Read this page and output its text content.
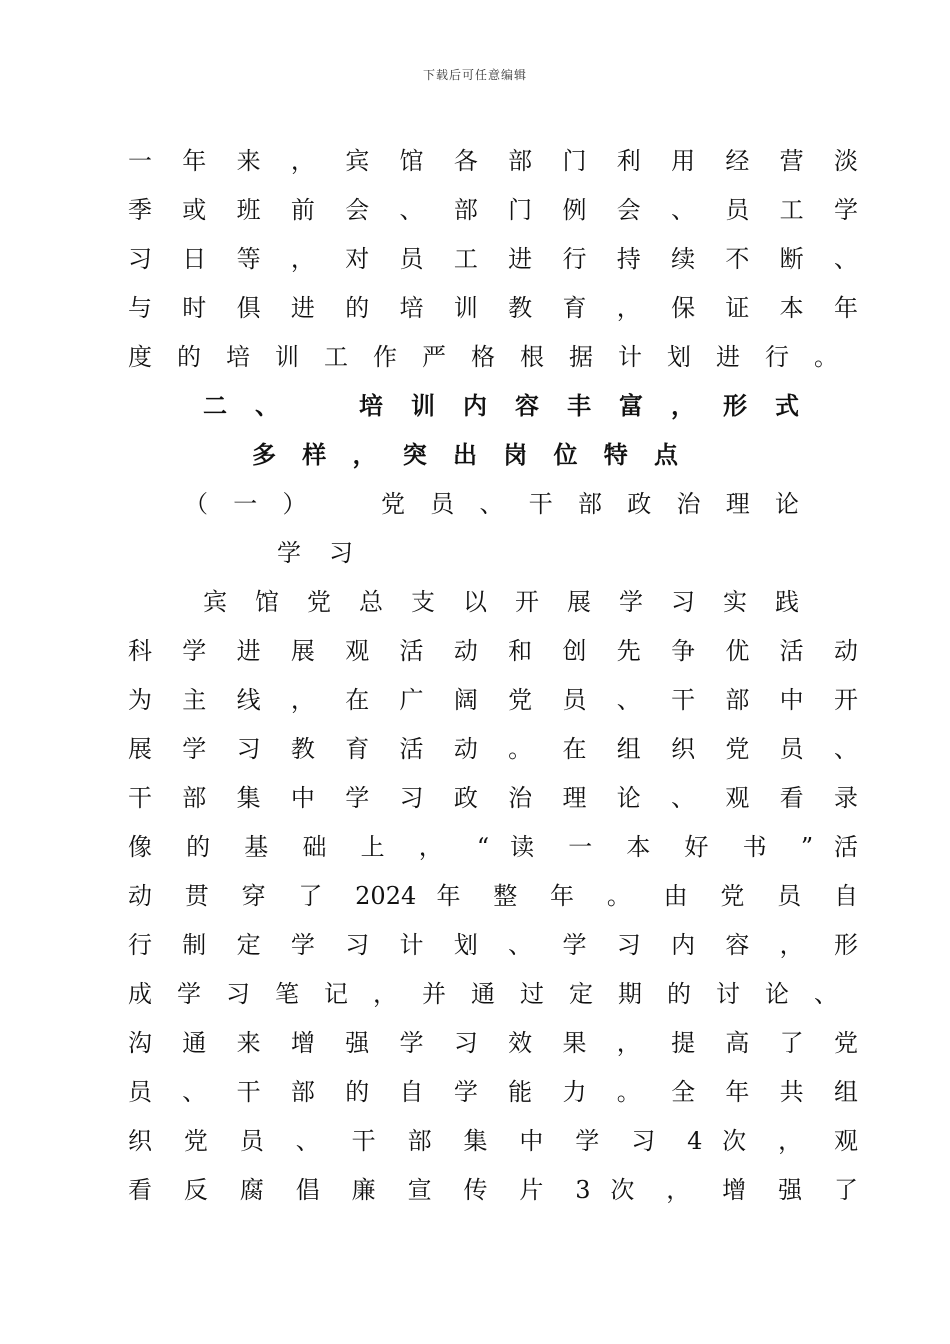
下载后可任意编辑
一 年 来 ， 宾 馆 各 部 门 利 用 经 营 淡
季 或 班 前 会 、 部 门 例 会 、 员 工 学
习 日 等 ， 对 员 工 进 行 持 续 不 断 、
与 时 俱 进 的 培 训 教 育 ， 保 证 本 年
度 的 培 训 工 作 严 格 根 据 计 划 进 行 。
二 、 　 培 训 内 容 丰 富 ， 形 式
多 样 ， 突 出 岗 位 特 点
（ 一 ） 　 党 员 、 干 部 政 治 理 论
学 习
宾 馆 党 总 支 以 开 展 学 习 实 践
科 学 进 展 观 活 动 和 创 先 争 优 活 动
为 主 线 ， 在 广 阔 党 员 、 干 部 中 开
展 学 习 教 育 活 动 。 在 组 织 党 员 、
干 部 集 中 学 习 政 治 理 论 、 观 看 录
像 的 基 础 上 ， “ 读 一 本 好 书 ” 活
动 贯 穿 了 2024 年 整 年 。 由 党 员 自
行 制 定 学 习 计 划 、 学 习 内 容 ， 形
成 学 习 笔 记 ， 并 通 过 定 期 的 讨 论 、
沟 通 来 增 强 学 习 效 果 ， 提 高 了 党
员 、 干 部 的 自 学 能 力 。 全 年 共 组
织 党 员 、 干 部 集 中 学 习 4 次 ， 观
看 反 腐 倡 廉 宣 传 片 3 次 ， 增 强 了
